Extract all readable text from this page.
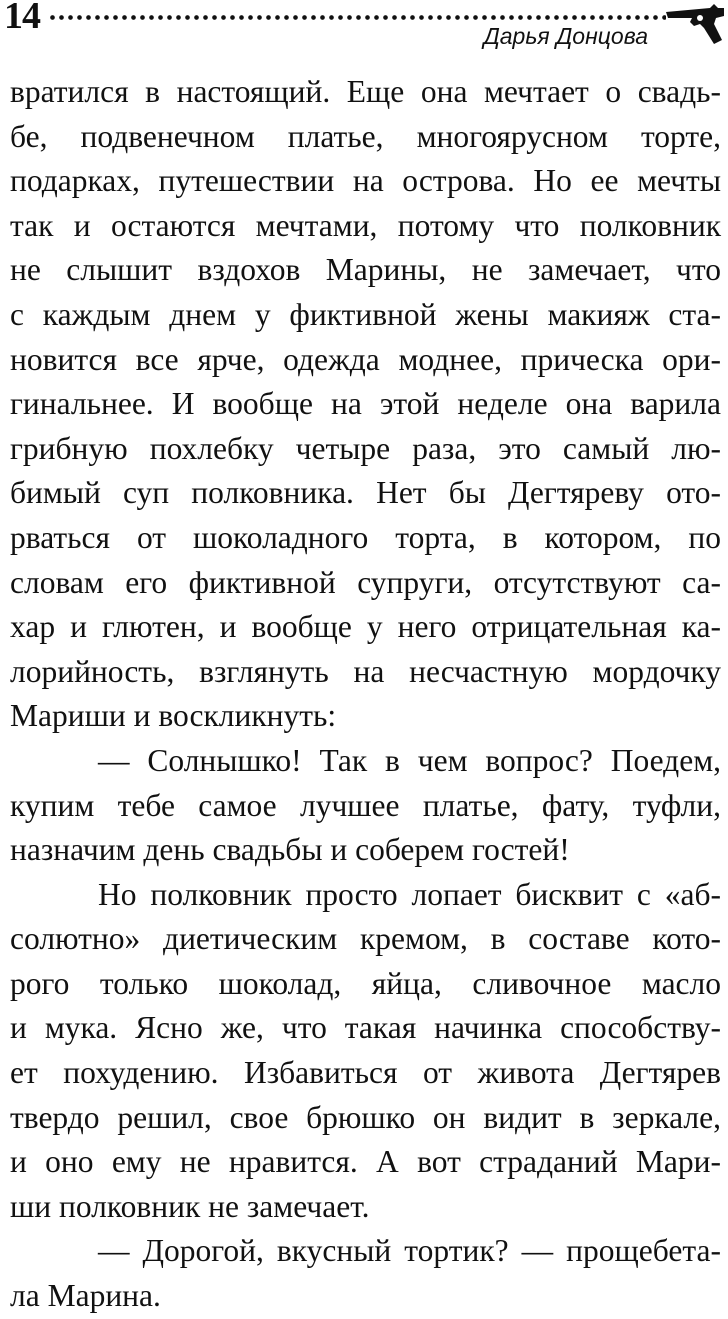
14	Дарья Донцова

вратился в настоящий. Еще она мечтает о свадь-
бе, подвенечном платье, многоярусном торте,
подарках, путешествии на острова. Но ее мечты
так и остаются мечтами, потому что полковник
не слышит вздохов Марины, не замечает, что
с каждым днем у фиктивной жены макияж ста-
новится все ярче, одежда моднее, прическа ори-
гинальнее. И вообще на этой неделе она варила
грибную похлебку четыре раза, это самый лю-
бимый суп полковника. Нет бы Дегтяреву ото-
рваться от шоколадного торта, в котором, по
словам его фиктивной супруги, отсутствуют са-
хар и глютен, и вообще у него отрицательная ка-
лорийность, взглянуть на несчастную мордочку
Мариши и воскликнуть:

— Солнышко! Так в чем вопрос? Поедем,
купим тебе самое лучшее платье, фату, туфли,
назначим день свадьбы и соберем гостей!

Но полковник просто лопает бисквит с «аб-
солютно» диетическим кремом, в составе кото-
рого только шоколад, яйца, сливочное масло
и мука. Ясно же, что такая начинка способству-
ет похудению. Избавиться от живота Дегтярев
твердо решил, свое брюшко он видит в зеркале,
и оно ему не нравится. А вот страданий Мари-
ши полковник не замечает.

— Дорогой, вкусный тортик? — прощебета-
ла Марина.
